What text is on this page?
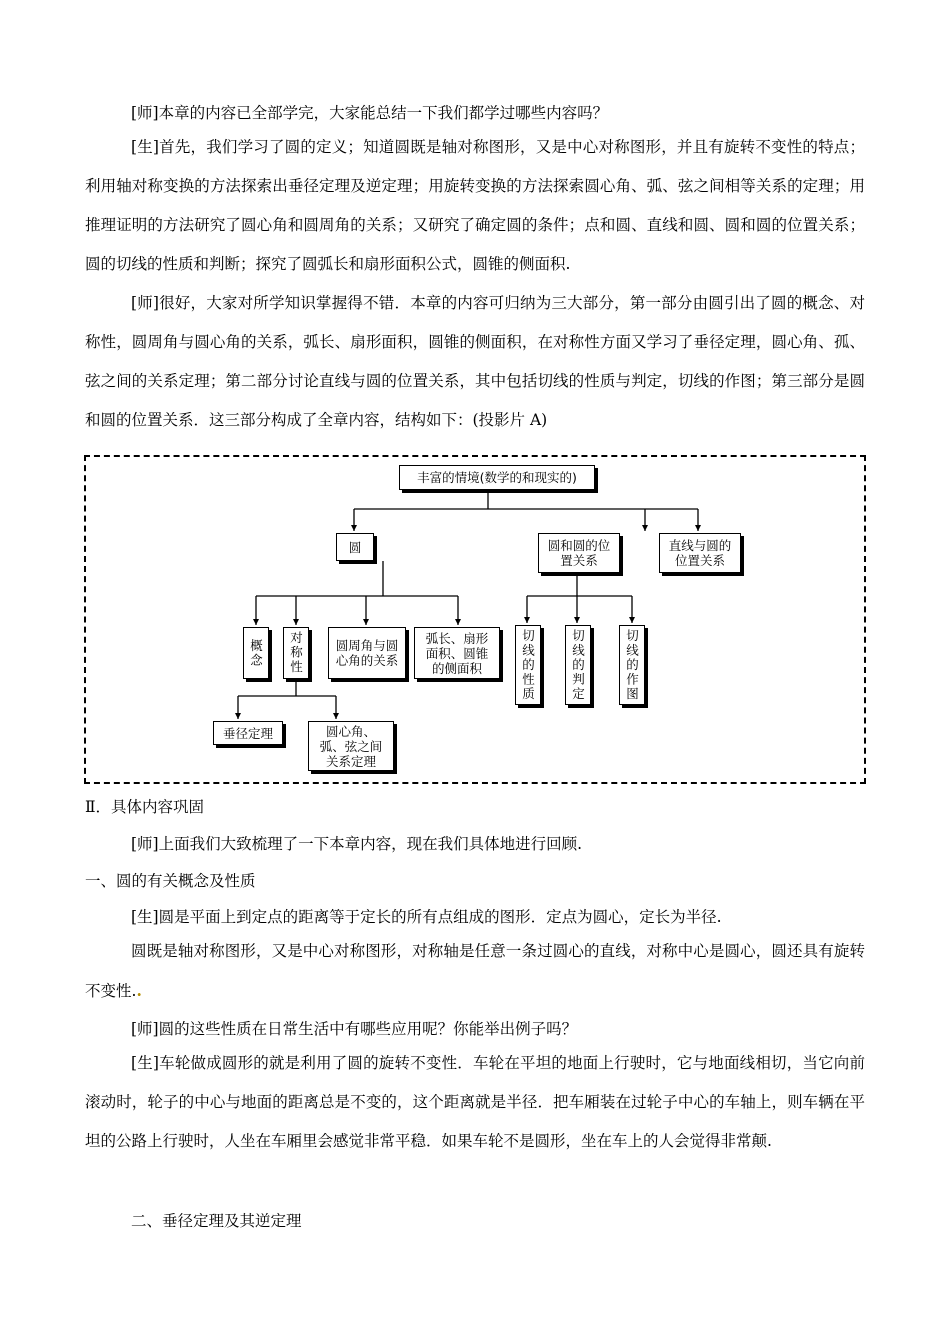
[师]本章的内容已全部学完，大家能总结一下我们都学过哪些内容吗？
[生]首先，我们学习了圆的定义；知道圆既是轴对称图形，又是中心对称图形，并且有旋转不变性的特点；利用轴对称变换的方法探索出垂径定理及逆定理；用旋转变换的方法探索圆心角、弧、弦之间相等关系的定理；用推理证明的方法研究了圆心角和圆周角的关系；又研究了确定圆的条件；点和圆、直线和圆、圆和圆的位置关系；圆的切线的性质和判断；探究了圆弧长和扇形面积公式，圆锥的侧面积.
[师]很好，大家对所学知识掌握得不错．本章的内容可归纳为三大部分，第一部分由圆引出了圆的概念、对称性，圆周角与圆心角的关系，弧长、扇形面积，圆锥的侧面积，在对称性方面又学习了垂径定理，圆心角、孤、弦之间的关系定理；第二部分讨论直线与圆的位置关系，其中包括切线的性质与判定，切线的作图；第三部分是圆和圆的位置关系．这三部分构成了全章内容，结构如下：(投影片 A)
丰富的情境(数学的和现实的)
圆	圆和圆的位置关系
直线与圆的位置关系
概念	对称性	圆周角与圆心角的关系
弧长、扇形面积、圆锥的侧面积	切线的性质	切线的判定	切线的作图
垂径定理	圆心角、弧、弦之间关系定理
Ⅱ．具体内容巩固
[师]上面我们大致梳理了一下本章内容，现在我们具体地进行回顾.
一、圆的有关概念及性质
[生]圆是平面上到定点的距离等于定长的所有点组成的图形．定点为圆心，定长为半径.
圆既是轴对称图形，又是中心对称图形，对称轴是任意一条过圆心的直线，对称中心是圆心，圆还具有旋转不变性..
[师]圆的这些性质在日常生活中有哪些应用呢？你能举出例子吗？
[生]车轮做成圆形的就是利用了圆的旋转不变性．车轮在平坦的地面上行驶时，它与地面线相切，当它向前滚动时，轮子的中心与地面的距离总是不变的，这个距离就是半径．把车厢装在过轮子中心的车轴上，则车辆在平坦的公路上行驶时，人坐在车厢里会感觉非常平稳．如果车轮不是圆形，坐在车上的人会觉得非常颠.
二、垂径定理及其逆定理
